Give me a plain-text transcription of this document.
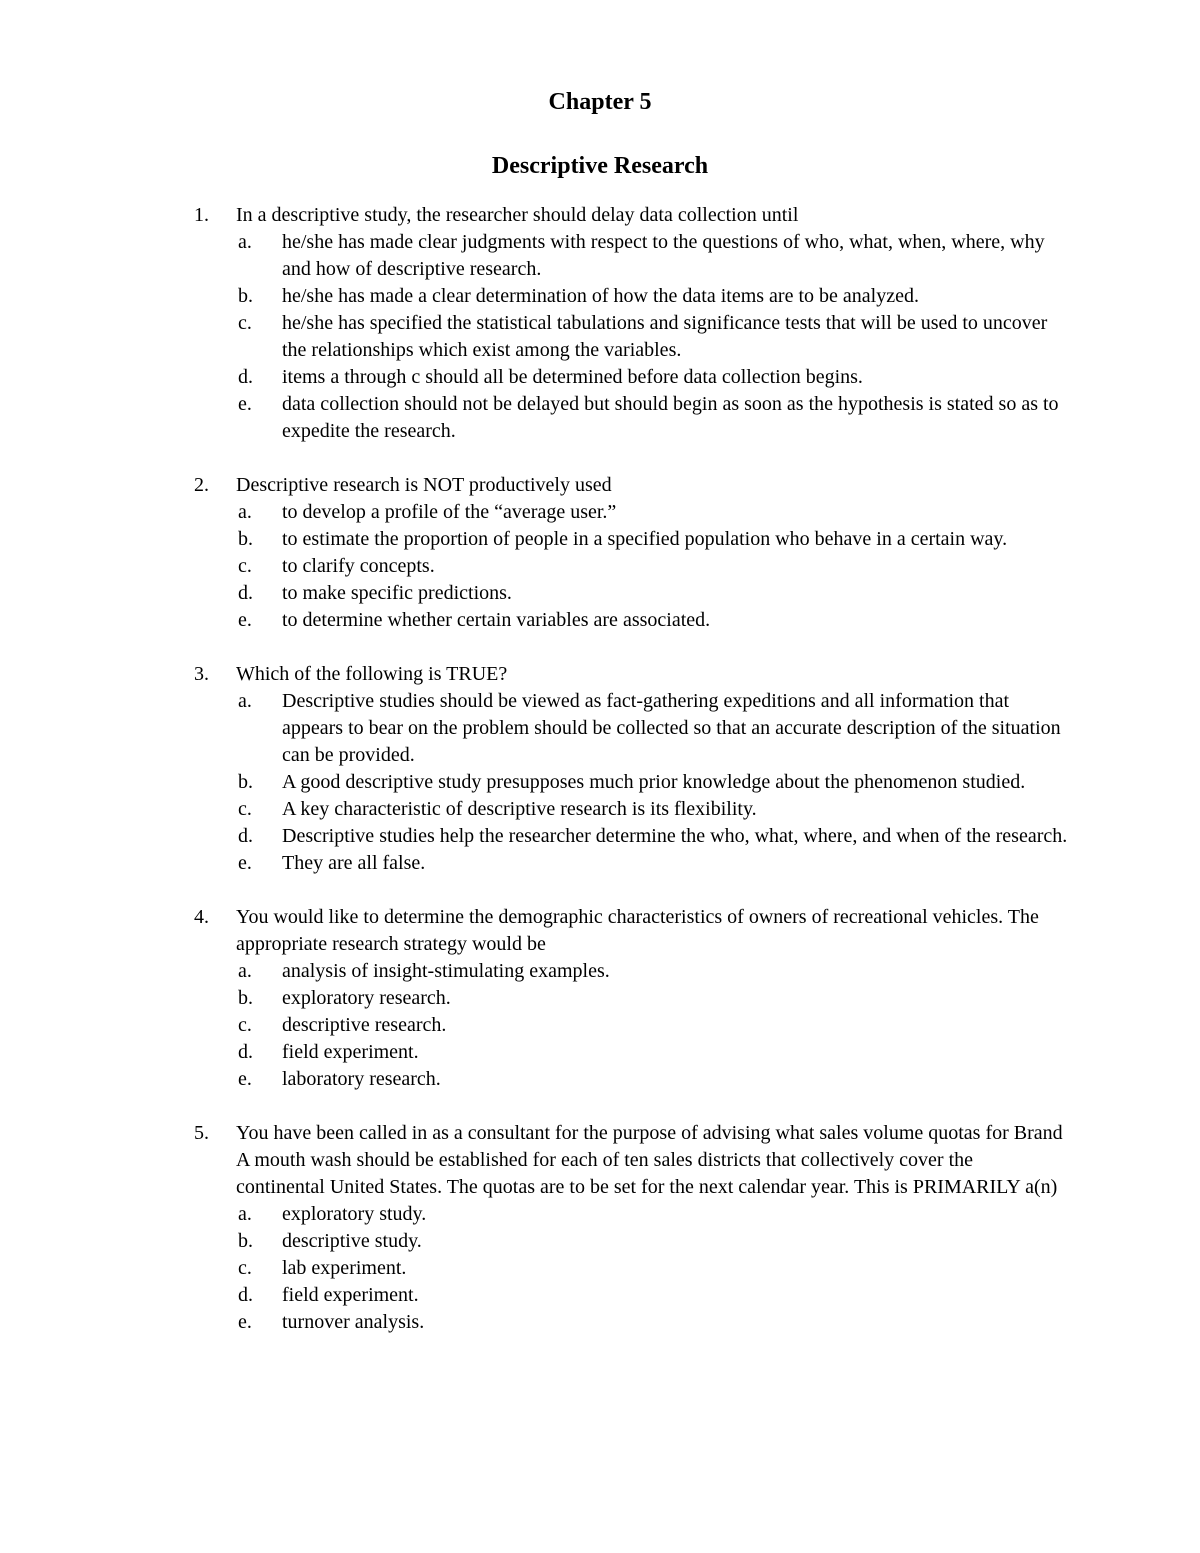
Chapter 5
Descriptive Research
1. In a descriptive study, the researcher should delay data collection until
a. he/she has made clear judgments with respect to the questions of who, what, when, where, why and how of descriptive research.
b. he/she has made a clear determination of how the data items are to be analyzed.
c. he/she has specified the statistical tabulations and significance tests that will be used to uncover the relationships which exist among the variables.
d. items a through c should all be determined before data collection begins.
e. data collection should not be delayed but should begin as soon as the hypothesis is stated so as to expedite the research.
2. Descriptive research is NOT productively used
a. to develop a profile of the “average user.”
b. to estimate the proportion of people in a specified population who behave in a certain way.
c. to clarify concepts.
d. to make specific predictions.
e. to determine whether certain variables are associated.
3. Which of the following is TRUE?
a. Descriptive studies should be viewed as fact-gathering expeditions and all information that appears to bear on the problem should be collected so that an accurate description of the situation can be provided.
b. A good descriptive study presupposes much prior knowledge about the phenomenon studied.
c. A key characteristic of descriptive research is its flexibility.
d. Descriptive studies help the researcher determine the who, what, where, and when of the research.
e. They are all false.
4. You would like to determine the demographic characteristics of owners of recreational vehicles. The appropriate research strategy would be
a. analysis of insight-stimulating examples.
b. exploratory research.
c. descriptive research.
d. field experiment.
e. laboratory research.
5. You have been called in as a consultant for the purpose of advising what sales volume quotas for Brand A mouth wash should be established for each of ten sales districts that collectively cover the continental United States. The quotas are to be set for the next calendar year. This is PRIMARILY a(n)
a. exploratory study.
b. descriptive study.
c. lab experiment.
d. field experiment.
e. turnover analysis.
